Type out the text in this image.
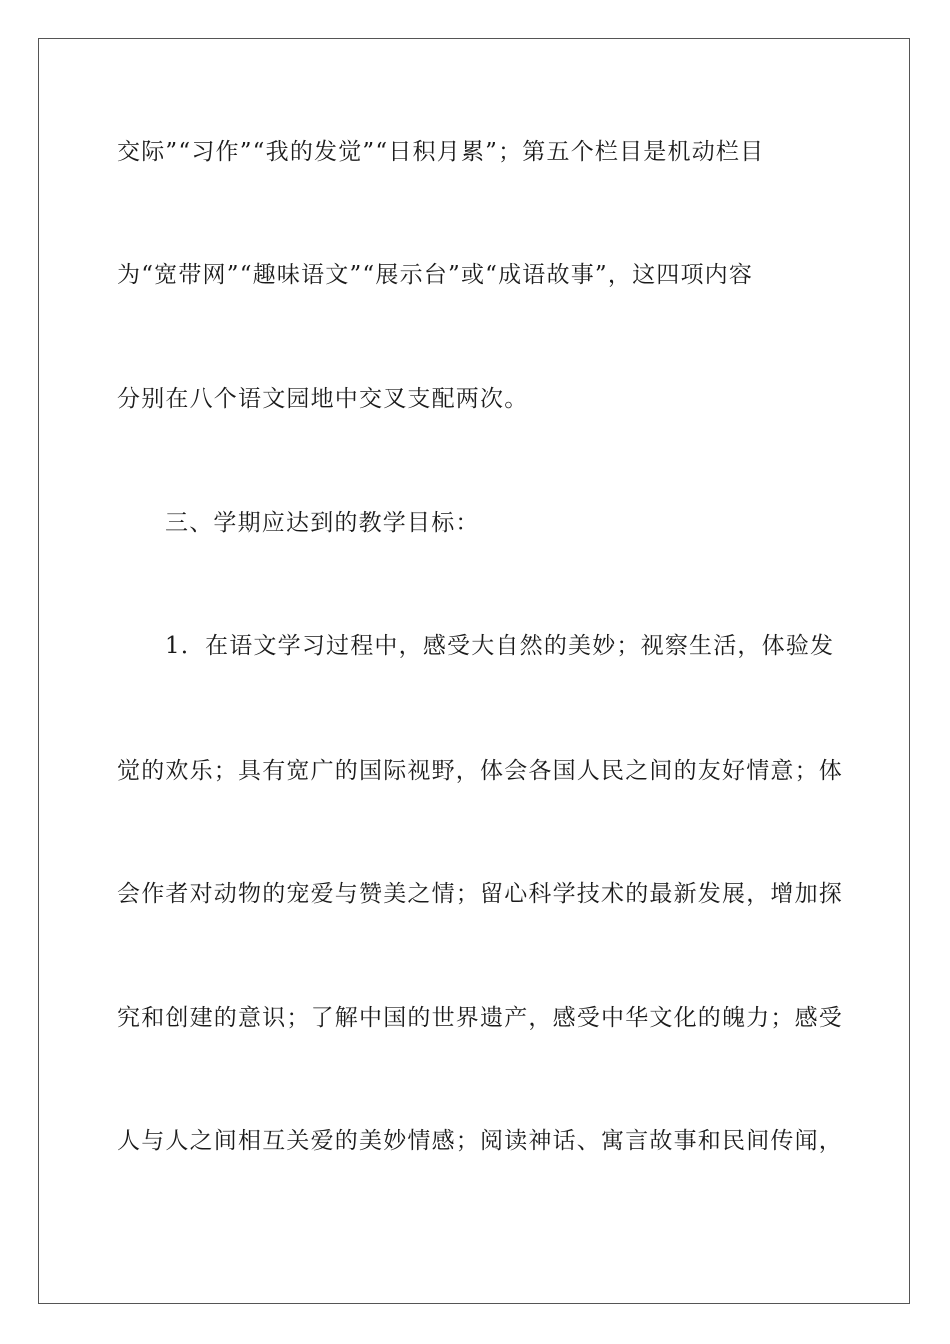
交际”“习作”“我的发觉”“日积月累”；第五个栏目是机动栏目
为“宽带网”“趣味语文”“展示台”或“成语故事”，这四项内容
分别在八个语文园地中交叉支配两次。
三、学期应达到的教学目标：
1．在语文学习过程中，感受大自然的美妙；视察生活，体验发
觉的欢乐；具有宽广的国际视野，体会各国人民之间的友好情意；体
会作者对动物的宠爱与赞美之情；留心科学技术的最新发展，增加探
究和创建的意识；了解中国的世界遗产，感受中华文化的魄力；感受
人与人之间相互关爱的美妙情感；阅读神话、寓言故事和民间传闻，
